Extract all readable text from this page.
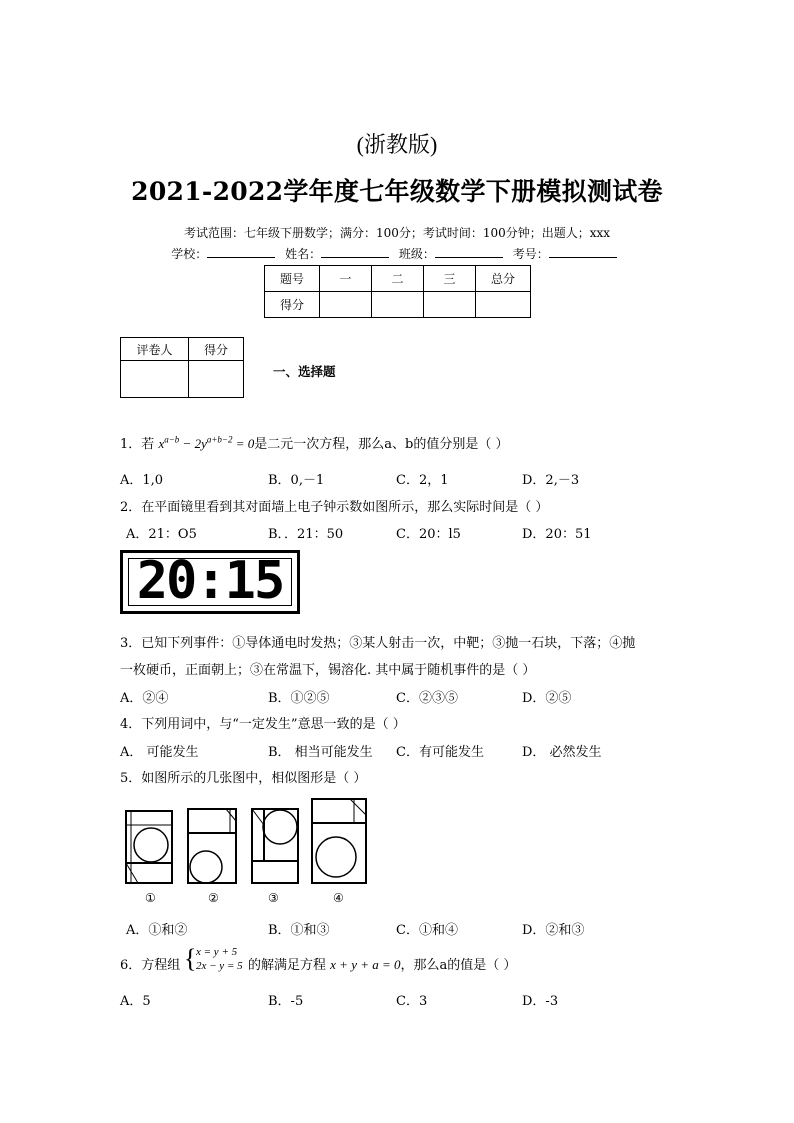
(浙教版)
2021-2022学年度七年级数学下册模拟测试卷
考试范围：七年级下册数学；满分：100分；考试时间：100分钟；出题人；xxx
学校：	姓名：	班级：	考号：
题号	一	二	三	总分
得分				
评卷人	得分

一、选择题
1．若 $x^{a-b} - 2y^{a+b-2} = 0$是二元一次方程，那么a、b的值分别是（ ）
A．1,0	B．0,－1	C．2，1	D．2,－3
2．在平面镜里看到其对面墙上电子钟示数如图所示，那么实际时间是（ ）
A．21：O5	B．．21：50	C．20：l5	D．20：51
20:15
3．已知下列事件：①导体通电时发热；③某人射击一次，中靶；③抛一石块，下落；④抛
一枚硬币，正面朝上；③在常温下，锡溶化. 其中属于随机事件的是（ ）
A．②④	B．①②⑤	C．②③⑤	D．②⑤
4．下列用词中，与“一定发生”意思一致的是（ ）
A． 可能发生	B． 相当可能发生 C．有可能发生	D． 必然发生
5．如图所示的几张图中，相似图形是（ ）
①	②	③	④
A．①和②	B．①和③	C．①和④	D．②和③
6．方程组 { x = y + 5
2x − y = 5 的解满足方程 x + y + a = 0，那么a的值是（ ）
A．5	B．-5	C．3	D．-3
